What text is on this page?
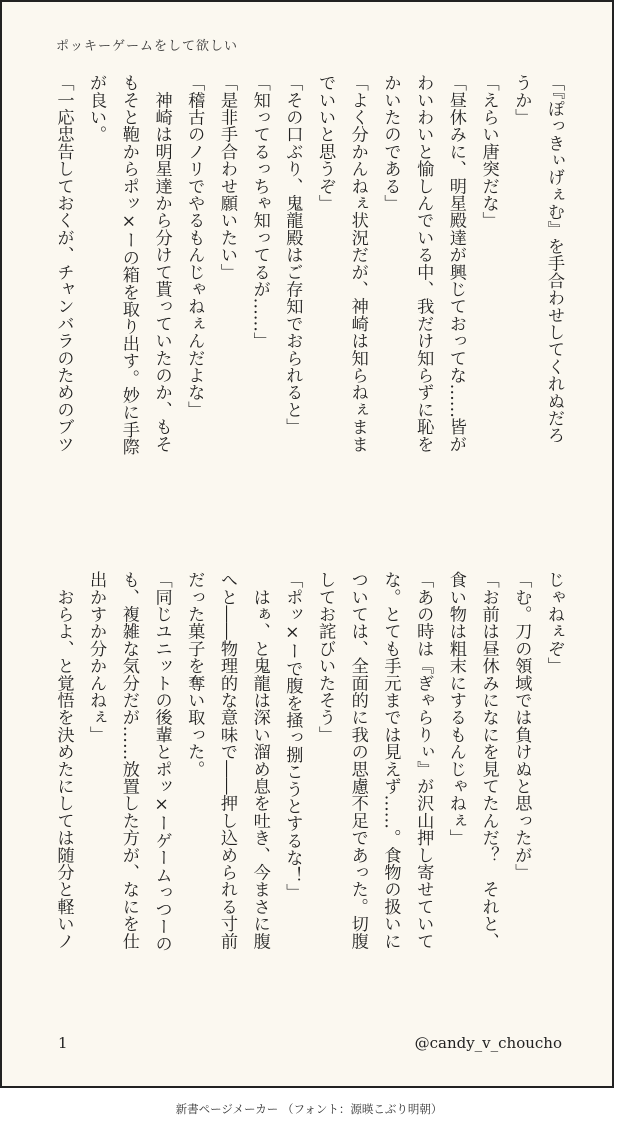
ポッキーゲームをして欲しい
「『ぽっきぃげぇむ』を手合わせしてくれぬだろ
うか」
「えらい唐突だな」
「昼休みに、明星殿達が興じておってな……皆が
わいわいと愉しんでいる中、我だけ知らずに恥を
かいたのである」
「よく分かんねぇ状況だが、神崎は知らねぇまま
でいいと思うぞ」
「その口ぶり、鬼龍殿はご存知でおられると」
「知ってるっちゃ知ってるが……」
「是非手合わせ願いたい」
「稽古のノリでやるもんじゃねぇんだよな」
　神崎は明星達から分けて貰っていたのか、もそ
もそと鞄からポッ×ーの箱を取り出す。妙に手際
が良い。
「一応忠告しておくが、チャンバラのためのブツ
じゃねぇぞ」
「む。刀の領域では負けぬと思ったが」
「お前は昼休みになにを見てたんだ？　それと、
食い物は粗末にするもんじゃねぇ」
「あの時は『ぎゃらりぃ』が沢山押し寄せていて
な。とても手元までは見えず……。食物の扱いに
ついては、全面的に我の思慮不足であった。切腹
してお詫びいたそう」
「ポッ×ーで腹を掻っ捌こうとするな！」
　はぁ、と鬼龍は深い溜め息を吐き、今まさに腹
へと――物理的な意味で――押し込められる寸前
だった菓子を奪い取った。
「同じユニットの後輩とポッ×ーゲームっつーの
も、複雑な気分だが……放置した方が、なにを仕
出かすか分かんねぇ」
　おらよ、と覚悟を決めたにしては随分と軽いノ
1	@candy_v_choucho
新書ページメーカー （フォント：源暎こぶり明朝）
